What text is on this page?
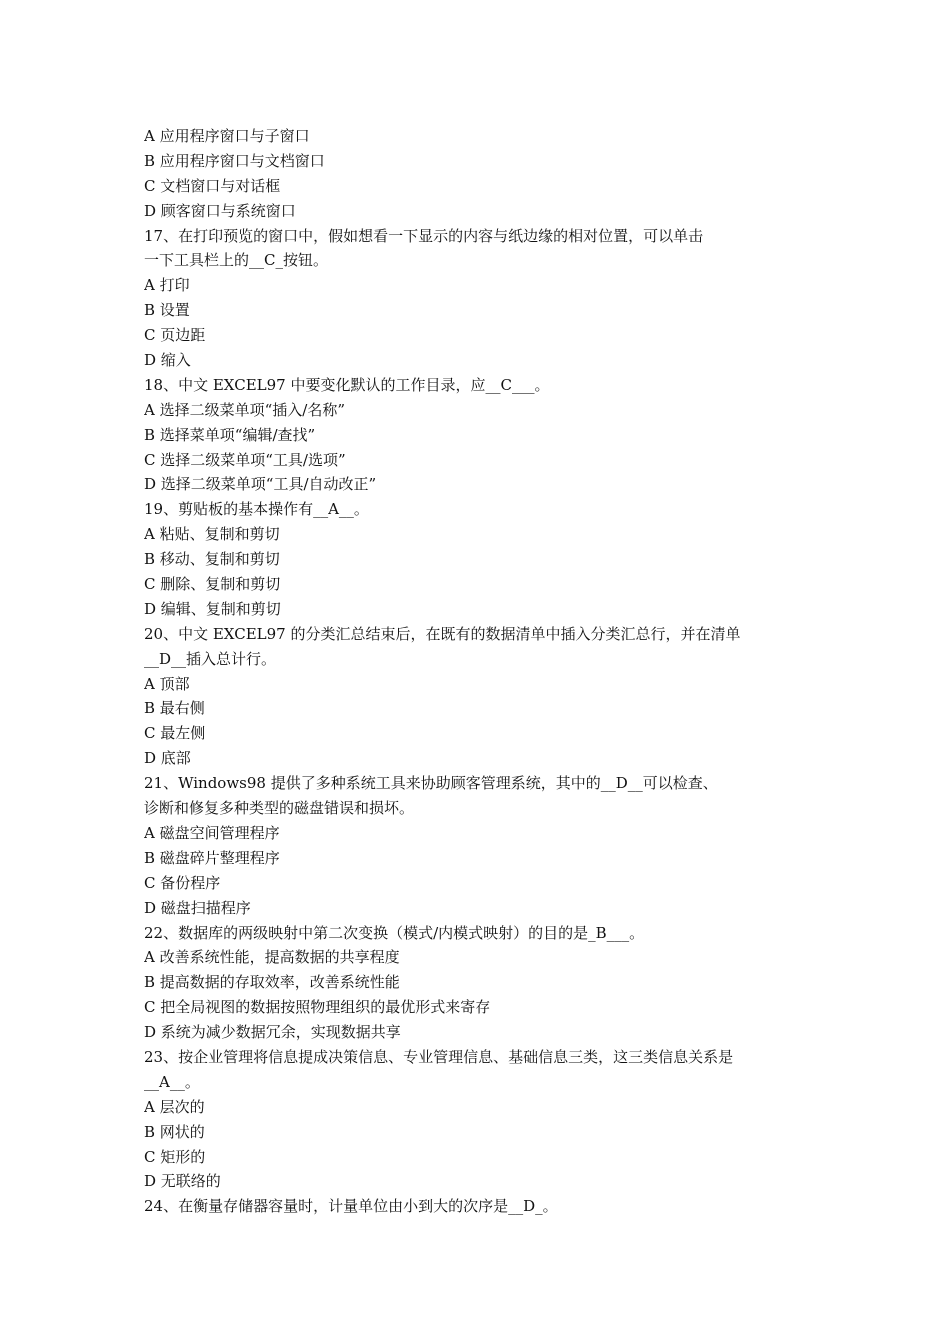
A 应用程序窗口与子窗口
B 应用程序窗口与文档窗口
C 文档窗口与对话框
D 顾客窗口与系统窗口
17、在打印预览的窗口中，假如想看一下显示的内容与纸边缘的相对位置，可以单击
一下工具栏上的__C_按钮。
A 打印
B 设置
C 页边距
D 缩入
18、中文 EXCEL97 中要变化默认的工作目录，应__C___。
A 选择二级菜单项“插入/名称”
B 选择菜单项“编辑/查找”
C 选择二级菜单项“工具/选项”
D 选择二级菜单项“工具/自动改正”
19、剪贴板的基本操作有__A__。
A 粘贴、复制和剪切
B 移动、复制和剪切
C 删除、复制和剪切
D 编辑、复制和剪切
20、中文 EXCEL97 的分类汇总结束后，在既有的数据清单中插入分类汇总行，并在清单
__D__插入总计行。
A 顶部
B 最右侧
C 最左侧
D 底部
21、Windows98 提供了多种系统工具来协助顾客管理系统，其中的__D__可以检查、
诊断和修复多种类型的磁盘错误和损坏。
A 磁盘空间管理程序
B 磁盘碎片整理程序
C 备份程序
D 磁盘扫描程序
22、数据库的两级映射中第二次变换（模式/内模式映射）的目的是_B___。
A 改善系统性能，提高数据的共享程度
B 提高数据的存取效率，改善系统性能
C 把全局视图的数据按照物理组织的最优形式来寄存
D 系统为减少数据冗余，实现数据共享
23、按企业管理将信息提成决策信息、专业管理信息、基础信息三类，这三类信息关系是
__A__。
A 层次的
B 网状的
C 矩形的
D 无联络的
24、在衡量存储器容量时，计量单位由小到大的次序是__D_。
